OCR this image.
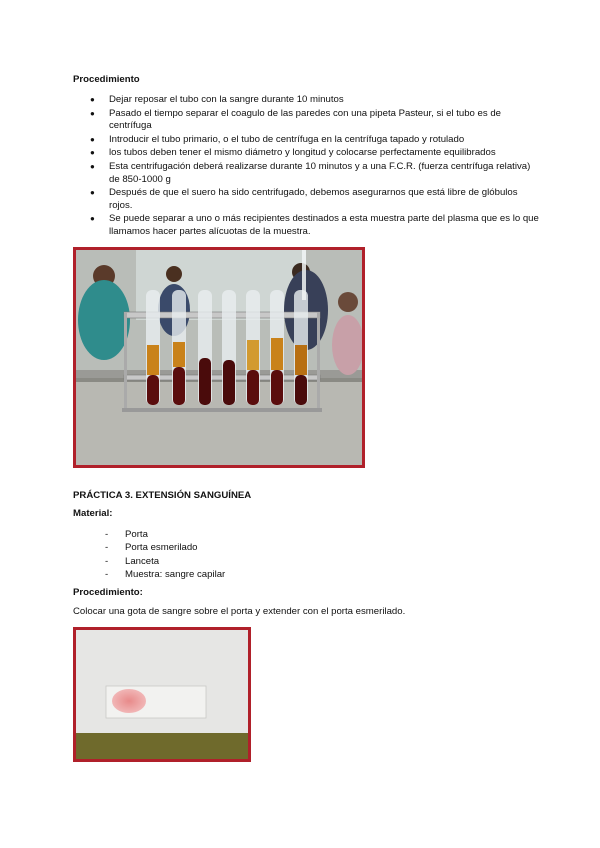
Procedimiento
● Dejar reposar el tubo con la sangre durante 10 minutos
● Pasado el tiempo separar el coagulo de las paredes con una pipeta Pasteur, si el tubo es de centrífuga
● Introducir el tubo primario, o el tubo de centrífuga en la centrífuga tapado y rotulado
● los tubos deben tener el mismo diámetro y longitud y colocarse perfectamente equilibrados
● Esta centrifugación deberá realizarse durante 10 minutos y a una F.C.R. (fuerza centrífuga relativa) de 850-1000 g
● Después de que el suero ha sido centrifugado, debemos asegurarnos que está libre de glóbulos rojos.
● Se puede separar a uno o más recipientes destinados a esta muestra parte del plasma que es lo que llamamos hacer partes alícuotas de la muestra.
PRÁCTICA 3. EXTENSIÓN SANGUÍNEA
Material:
- Porta
- Porta esmerilado
- Lanceta
- Muestra: sangre capilar
Procedimiento:

Colocar una gota de sangre sobre el porta y extender con el porta esmerilado.
